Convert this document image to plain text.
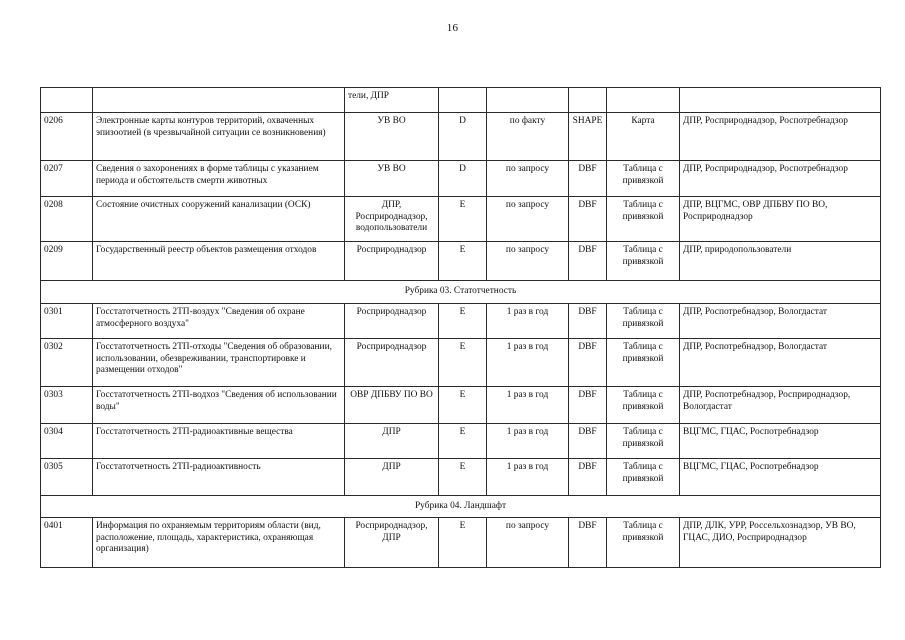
16
		тели, ДПР					
0206	Электронные карты контуров территорий, охваченных эпизоотией (в чрезвычайной ситуации се возникновения)	УВ ВО	D	по факту	SHAPE	Карта	ДПР, Росприроднадзор, Роспотребнадзор
0207	Сведения о захоронениях в форме таблицы с указанием периода и обстоятельств смерти животных	УВ ВО	D	по запросу	DBF	Таблица с привязкой	ДПР, Росприроднадзор, Роспотребнадзор
0208	Состояние очистных сооружений канализации (ОСК)	ДПР, Росприроднадзор, водопользователи	E	по запросу	DBF	Таблица с привязкой	ДПР, ВЦГМС, ОВР ДПБВУ ПО ВО, Росприроднадзор
0209	Государственный реестр объектов размещения отходов	Росприроднадзор	E	по запросу	DBF	Таблица с привязкой	ДПР, природопользователи
Рубрика 03. Статотчетность							
0301	Госстатотчетность 2ТП-воздух "Сведения об охране атмосферного воздуха"	Росприроднадзор	E	1 раз в год	DBF	Таблица с привязкой	ДПР, Роспотребнадзор, Вологдастат
0302	Госстатотчетность 2ТП-отходы "Сведения об образовании, использовании, обезвреживании, транспортировке и размещении отходов"	Росприроднадзор	E	1 раз в год	DBF	Таблица с привязкой	ДПР, Роспотребнадзор, Вологдастат
0303	Госстатотчетность 2ТП-водхоз "Сведения об использовании воды"	ОВР ДПБВУ ПО ВО	E	1 раз в год	DBF	Таблица с привязкой	ДПР, Роспотребнадзор, Росприроднадзор, Вологдастат
0304	Госстатотчетность 2ТП-радиоактивные вещества	ДПР	E	1 раз в год	DBF	Таблица с привязкой	ВЦГМС, ГЦАС, Роспотребнадзор
0305	Госстатотчетность 2ТП-радиоактивность	ДПР	E	1 раз в год	DBF	Таблица с привязкой	ВЦГМС, ГЦАС, Роспотребнадзор
Рубрика 04. Ландшафт							
0401	Информация по охраняемым территориям области (вид, расположение, площадь, характеристика, охраняющая организация)	Росприроднадзор, ДПР	E	по запросу	DBF	Таблица с привязкой	ДПР, ДЛК, УРР, Россельхознадзор, УВ ВО, ГЦАС, ДИО, Росприроднадзор
